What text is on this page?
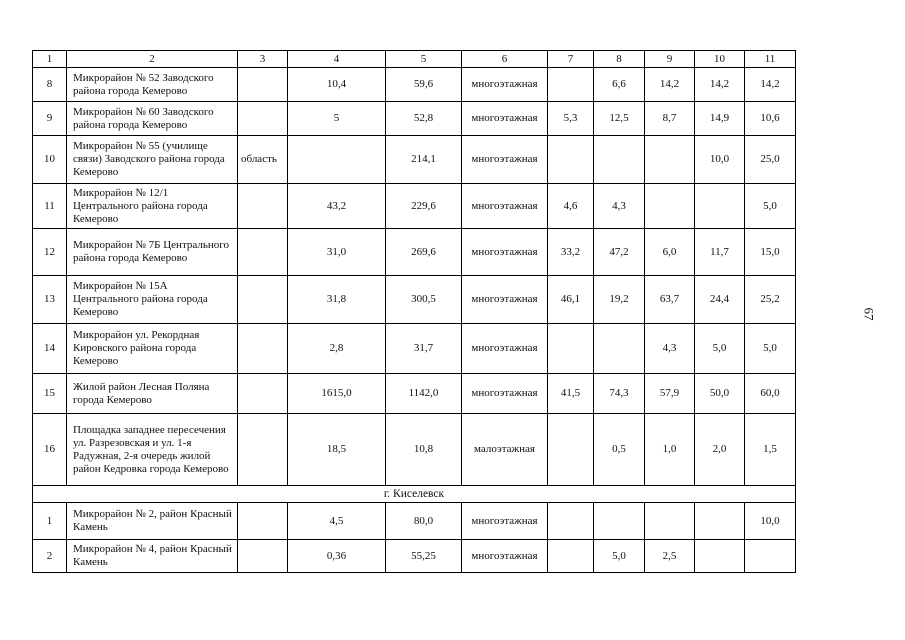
1	2	3	4	5	6	7	8	9	10	11
8	Микрорайон № 52 Заводского района города Кемерово		10,4	59,6	многоэтажная		6,6	14,2	14,2	14,2
9	Микрорайон № 60 Заводского района города Кемерово		5	52,8	многоэтажная	5,3	12,5	8,7	14,9	10,6
10	Микрорайон № 55 (училище связи) Заводского района города Кемерово	область		214,1	многоэтажная				10,0	25,0
11	Микрорайон № 12/1 Центрального района города Кемерово		43,2	229,6	многоэтажная	4,6	4,3			5,0
12	Микрорайон № 7Б Центрального района города Кемерово		31,0	269,6	многоэтажная	33,2	47,2	6,0	11,7	15,0
13	Микрорайон № 15А Центрального района города Кемерово		31,8	300,5	многоэтажная	46,1	19,2	63,7	24,4	25,2
14	Микрорайон ул. Рекордная Кировского района города Кемерово		2,8	31,7	многоэтажная			4,3	5,0	5,0
15	Жилой район Лесная Поляна города Кемерово		1615,0	1142,0	многоэтажная	41,5	74,3	57,9	50,0	60,0
16	Площадка западнее пересечения ул. Разрезовская и ул. 1-я Радужная, 2-я очередь жилой район Кедровка города Кемерово		18,5	10,8	малоэтажная		0,5	1,0	2,0	1,5
г. Киселевск										
1	Микрорайон № 2, район Красный Камень		4,5	80,0	многоэтажная					10,0
2	Микрорайон № 4, район Красный Камень		0,36	55,25	многоэтажная		5,0	2,5		
67
